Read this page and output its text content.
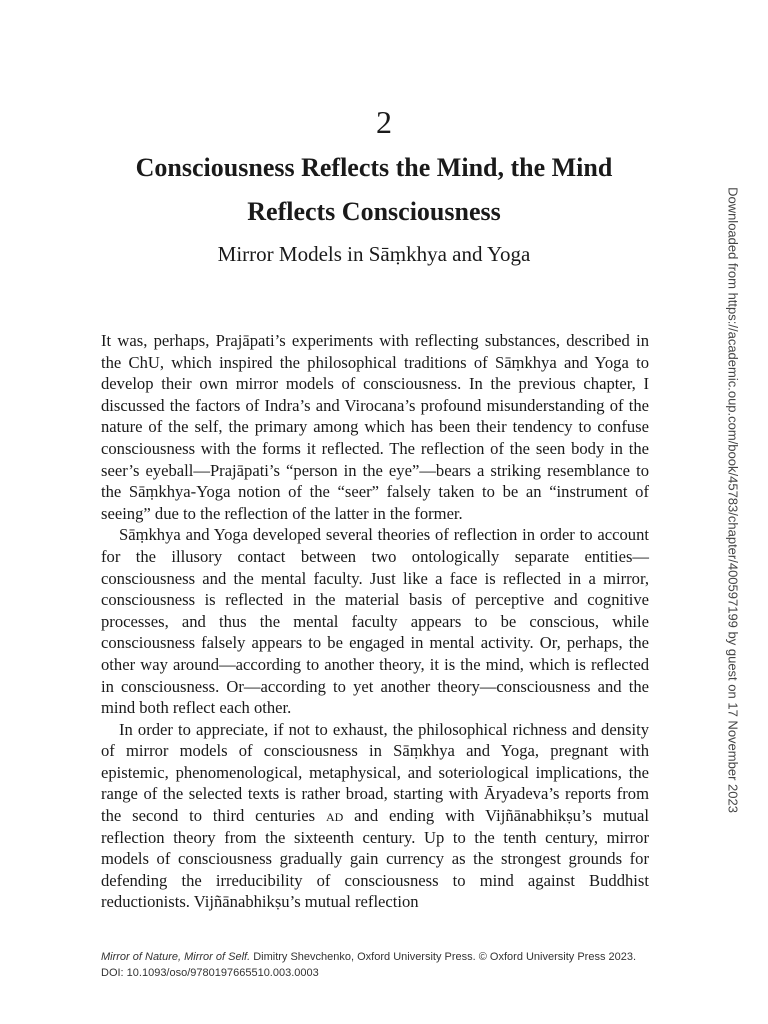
2
Consciousness Reflects the Mind, the Mind Reflects Consciousness
Mirror Models in Sāṃkhya and Yoga

It was, perhaps, Prajāpati’s experiments with reflecting substances, described in the ChU, which inspired the philosophical traditions of Sāṃkhya and Yoga to develop their own mirror models of consciousness. In the previous chapter, I discussed the factors of Indra’s and Virocana’s profound misunderstanding of the nature of the self, the primary among which has been their tendency to confuse consciousness with the forms it reflected. The reflection of the seen body in the seer’s eyeball—Prajāpati’s “person in the eye”—bears a striking resemblance to the Sāṃkhya-Yoga notion of the “seer” falsely taken to be an “instrument of seeing” due to the reflection of the latter in the former.

Sāṃkhya and Yoga developed several theories of reflection in order to account for the illusory contact between two ontologically separate entities—consciousness and the mental faculty. Just like a face is reflected in a mirror, consciousness is reflected in the material basis of perceptive and cognitive processes, and thus the mental faculty appears to be conscious, while consciousness falsely appears to be engaged in mental activity. Or, perhaps, the other way around—according to another theory, it is the mind, which is reflected in consciousness. Or—according to yet another theory—consciousness and the mind both reflect each other.

In order to appreciate, if not to exhaust, the philosophical richness and density of mirror models of consciousness in Sāṃkhya and Yoga, pregnant with epistemic, phenomenological, metaphysical, and soteriological implications, the range of the selected texts is rather broad, starting with Āryadeva’s reports from the second to third centuries ad and ending with Vijñānabhikṣu’s mutual reflection theory from the sixteenth century. Up to the tenth century, mirror models of consciousness gradually gain currency as the strongest grounds for defending the irreducibility of consciousness to mind against Buddhist reductionists. Vijñānabhikṣu’s mutual reflection

Mirror of Nature, Mirror of Self. Dimitry Shevchenko, Oxford University Press. © Oxford University Press 2023.
DOI: 10.1093/oso/9780197665510.003.0003
Downloaded from https://academic.oup.com/book/45783/chapter/400597199 by guest on 17 November 2023
